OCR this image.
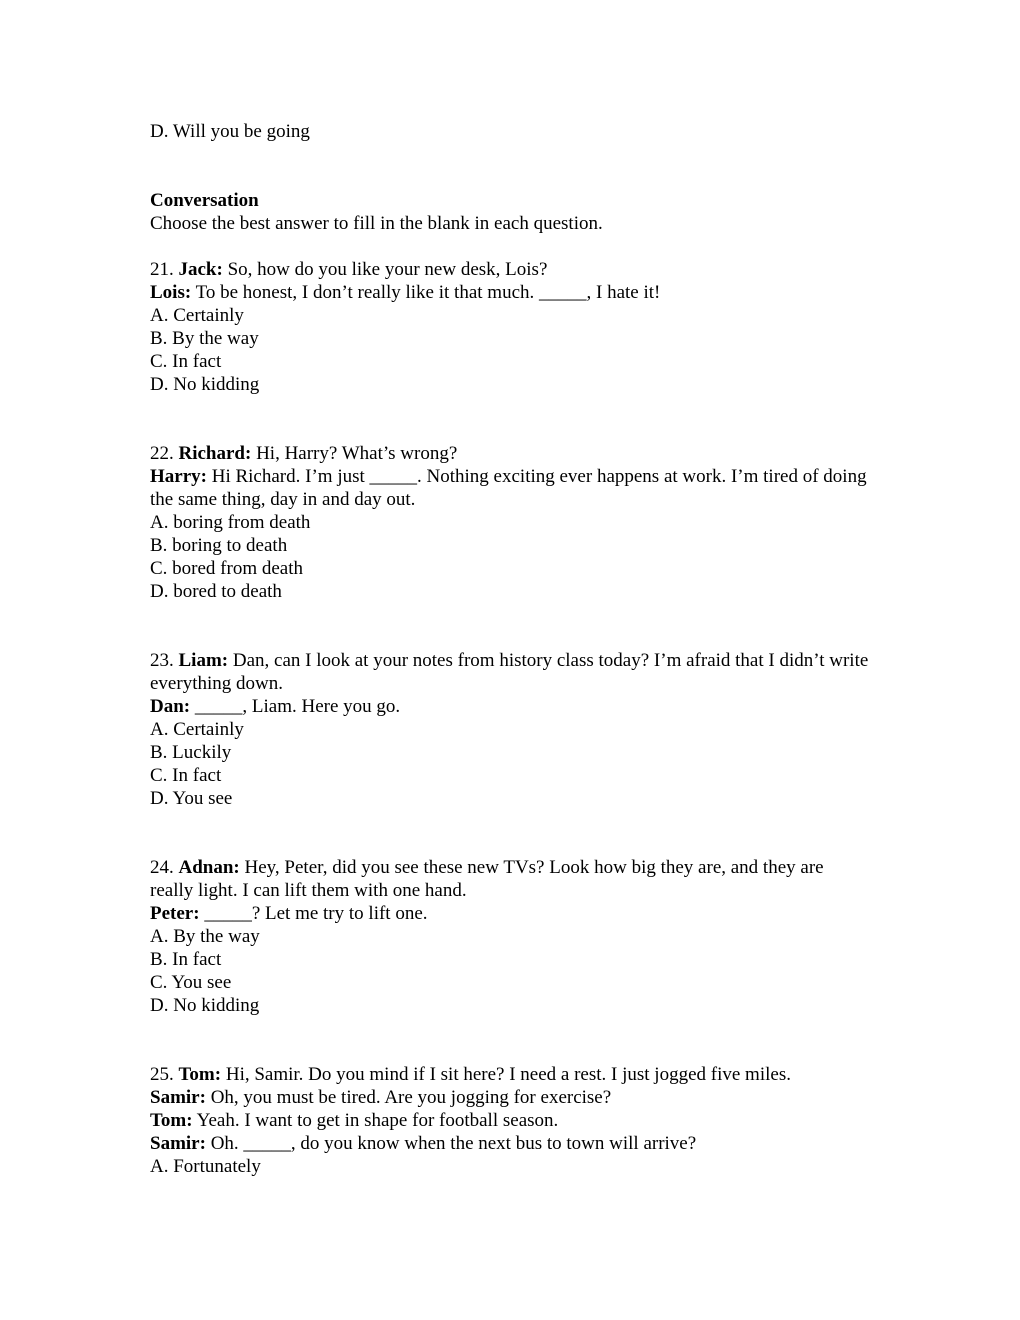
D. Will you be going
Conversation
Choose the best answer to fill in the blank in each question.
21. Jack: So, how do you like your new desk, Lois?
Lois: To be honest, I don’t really like it that much. _____, I hate it!
A. Certainly
B. By the way
C. In fact
D. No kidding
22. Richard: Hi, Harry? What’s wrong?
Harry: Hi Richard. I’m just _____. Nothing exciting ever happens at work. I’m tired of doing the same thing, day in and day out.
A. boring from death
B. boring to death
C. bored from death
D. bored to death
23. Liam: Dan, can I look at your notes from history class today? I’m afraid that I didn’t write everything down.
Dan: _____, Liam. Here you go.
A. Certainly
B. Luckily
C. In fact
D. You see
24. Adnan: Hey, Peter, did you see these new TVs? Look how big they are, and they are really light. I can lift them with one hand.
Peter: _____? Let me try to lift one.
A. By the way
B. In fact
C. You see
D. No kidding
25. Tom: Hi, Samir. Do you mind if I sit here? I need a rest. I just jogged five miles.
Samir: Oh, you must be tired. Are you jogging for exercise?
Tom: Yeah. I want to get in shape for football season.
Samir: Oh. _____, do you know when the next bus to town will arrive?
A. Fortunately
